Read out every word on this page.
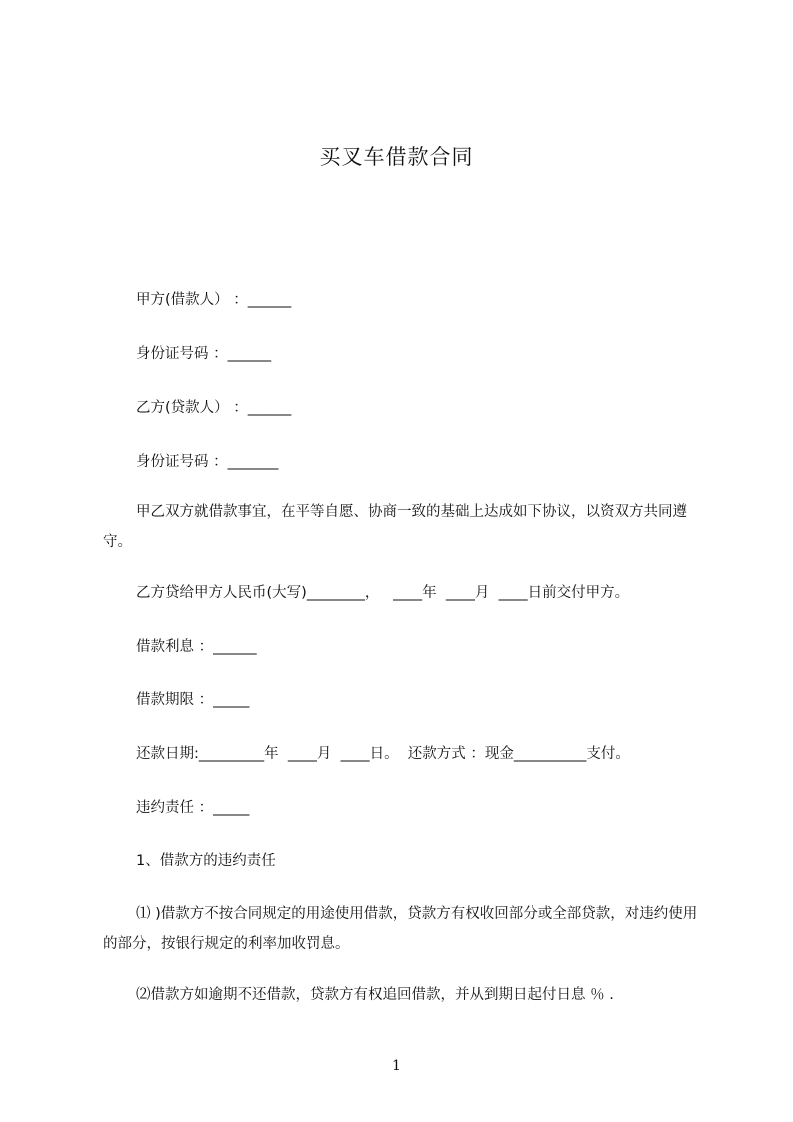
买叉车借款合同
甲方(借款人） ：______
身份证号码 ：______
乙方(贷款人） ：______
身份证号码 ：_______
甲乙双方就借款事宜，在平等自愿、协商一致的基础上达成如下协议，以资双方共同遵守。
乙方贷给甲方人民币(大写)________，   ____年  ____月  ____日前交付甲方。
借款利息 ：______
借款期限 ：_____
还款日期:_________年  ____月  ____日。  还款方式 ：现金__________支付。
违约责任 ：_____
1、借款方的违约责任
⑴ )借款方不按合同规定的用途使用借款，贷款方有权收回部分或全部贷款，对违约使用的部分，按银行规定的利率加收罚息。
⑵借款方如逾期不还借款，贷款方有权追回借款，并从到期日起付日息 ％ .
1
